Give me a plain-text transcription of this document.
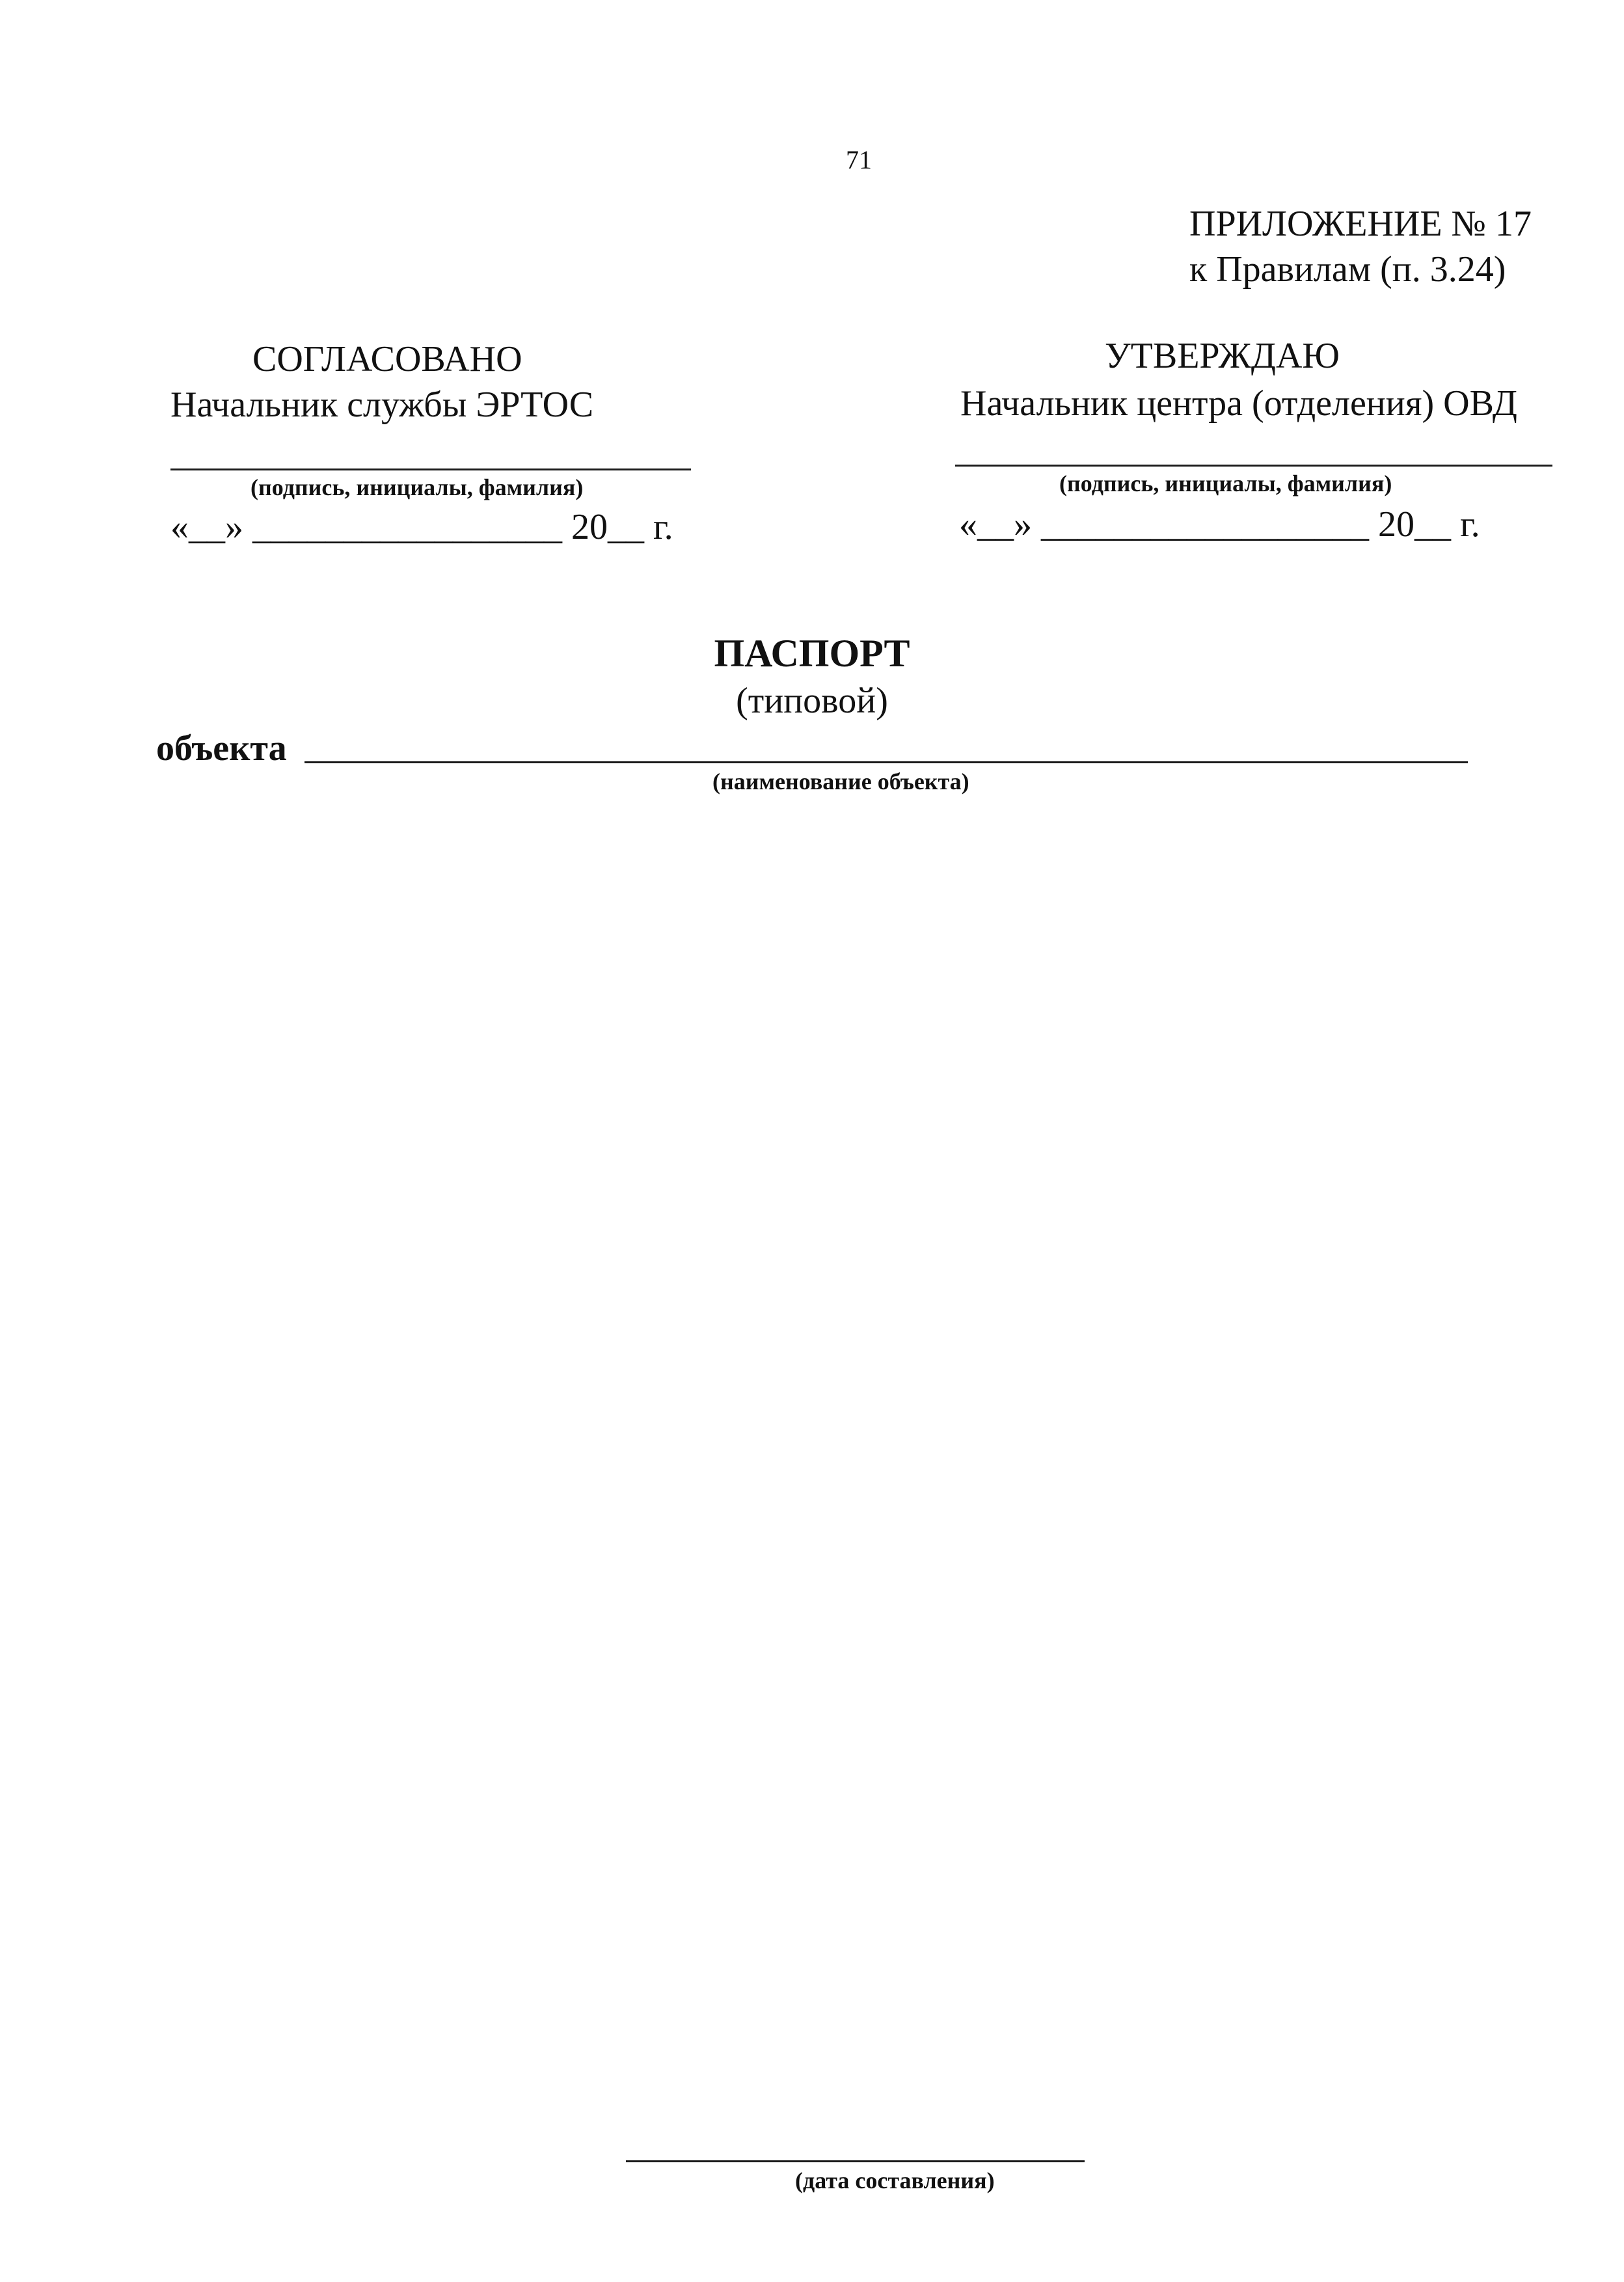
71
ПРИЛОЖЕНИЕ № 17
к Правилам (п. 3.24)
СОГЛАСОВАНО
Начальник службы ЭРТОС
(подпись, инициалы, фамилия)
«__» _________________ 20__ г.
УТВЕРЖДАЮ
Начальник центра (отделения) ОВД
(подпись, инициалы, фамилия)
«__» __________________ 20__ г.
ПАСПОРТ
(типовой)
объекта
(наименование объекта)
(дата составления)
